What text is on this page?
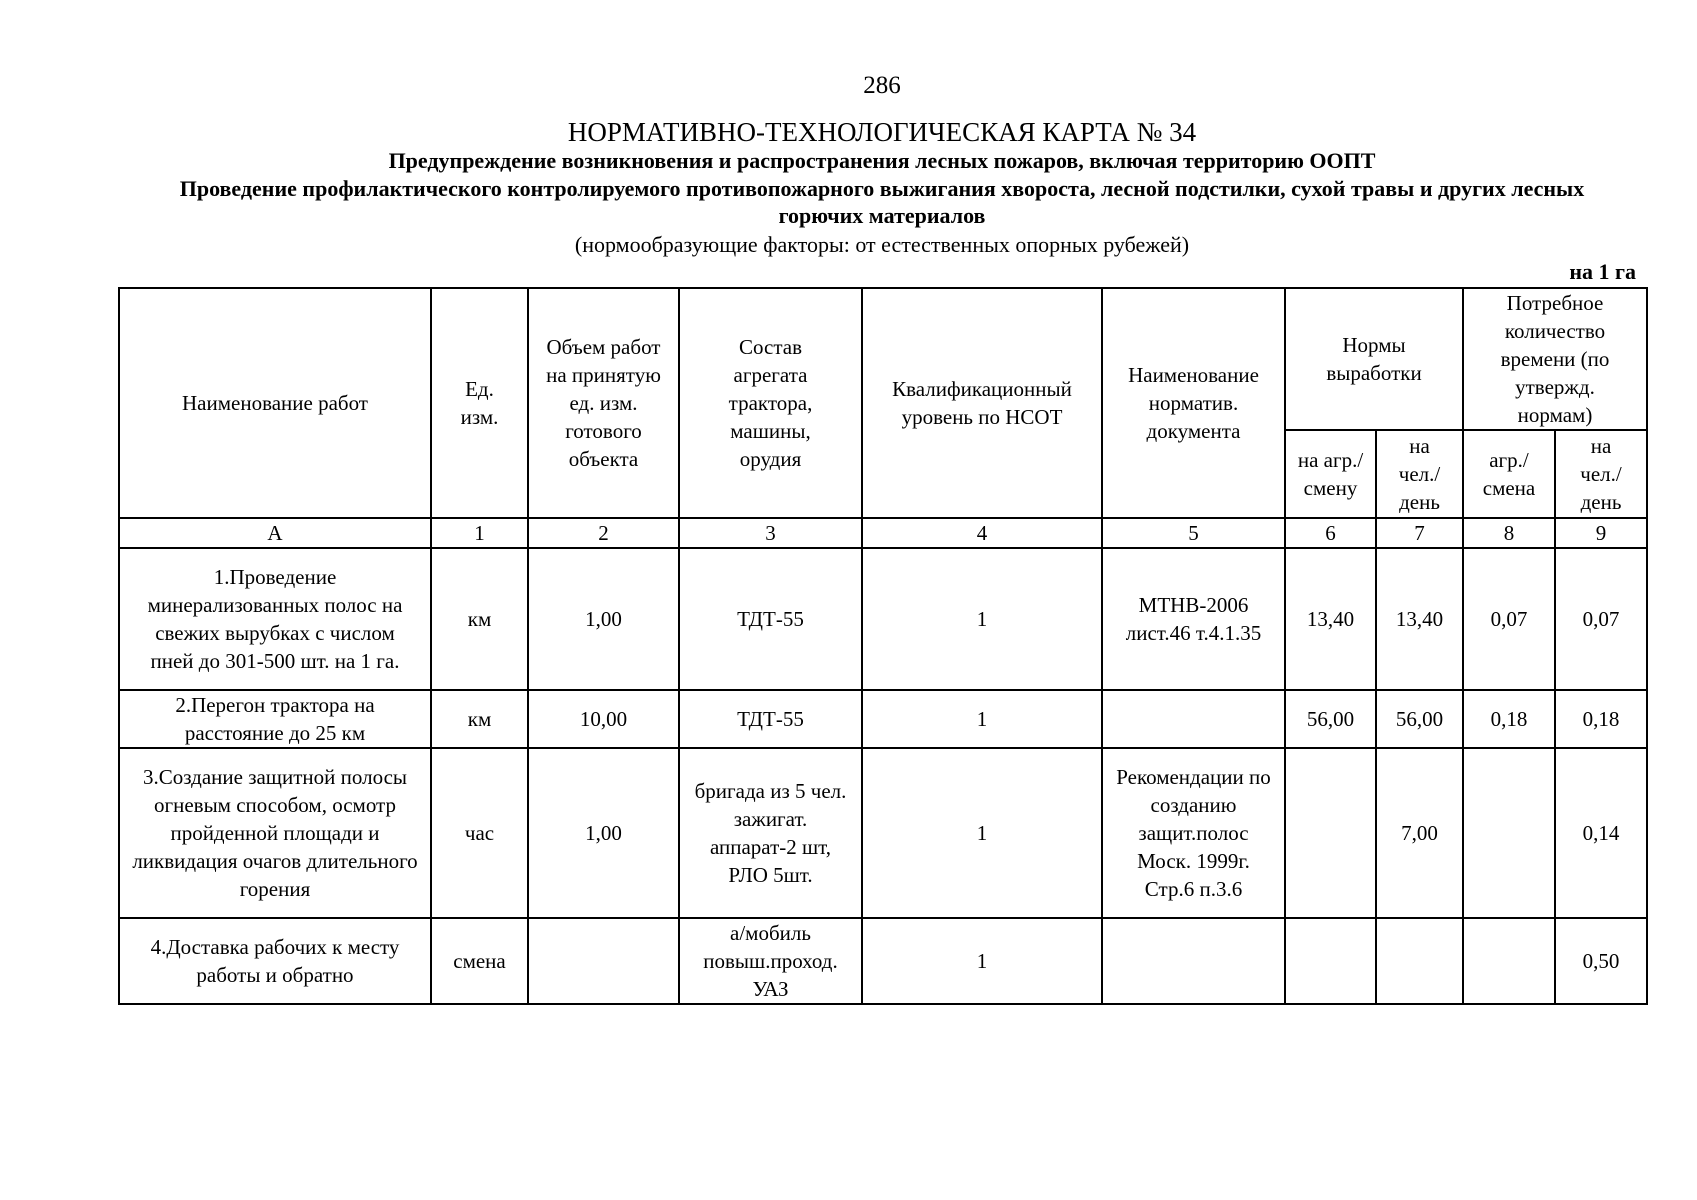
286
НОРМАТИВНО-ТЕХНОЛОГИЧЕСКАЯ КАРТА № 34
Предупреждение возникновения и распространения лесных пожаров, включая территорию ООПТ
Проведение профилактического контролируемого противопожарного выжигания хвороста, лесной подстилки, сухой травы и других лесных горючих материалов
(нормообразующие факторы: от естественных опорных рубежей)
на 1 га
Наименование работ	Ед. изм.	Объем работ на принятую ед. изм. готового объекта	Состав агрегата трактора, машины, орудия	Квалификационный уровень по НСОТ	Наименование норматив. документа	Нормы выработки		Потребное количество времени (по утвержд. нормам)	
						на агр./ смену	на чел./ день	агр./ смена	на чел./ день
А	1	2	3	4	5	6	7	8	9
1.Проведение минерализованных полос на свежих вырубках с числом пней до 301-500 шт. на 1 га.	км	1,00	ТДТ-55	1	МТНВ-2006 лист.46 т.4.1.35	13,40	13,40	0,07	0,07
2.Перегон трактора на расстояние до 25 км	км	10,00	ТДТ-55	1		56,00	56,00	0,18	0,18
3.Создание защитной полосы огневым способом, осмотр пройденной площади и ликвидация очагов длительного горения	час	1,00	бригада из 5 чел. зажигат. аппарат-2 шт, РЛО 5шт.	1	Рекомендации по созданию защит.полос Моск. 1999г. Стр.6 п.3.6		7,00		0,14
4.Доставка рабочих к месту работы и обратно	смена		а/мобиль повыш.проход. УАЗ	1					0,50
